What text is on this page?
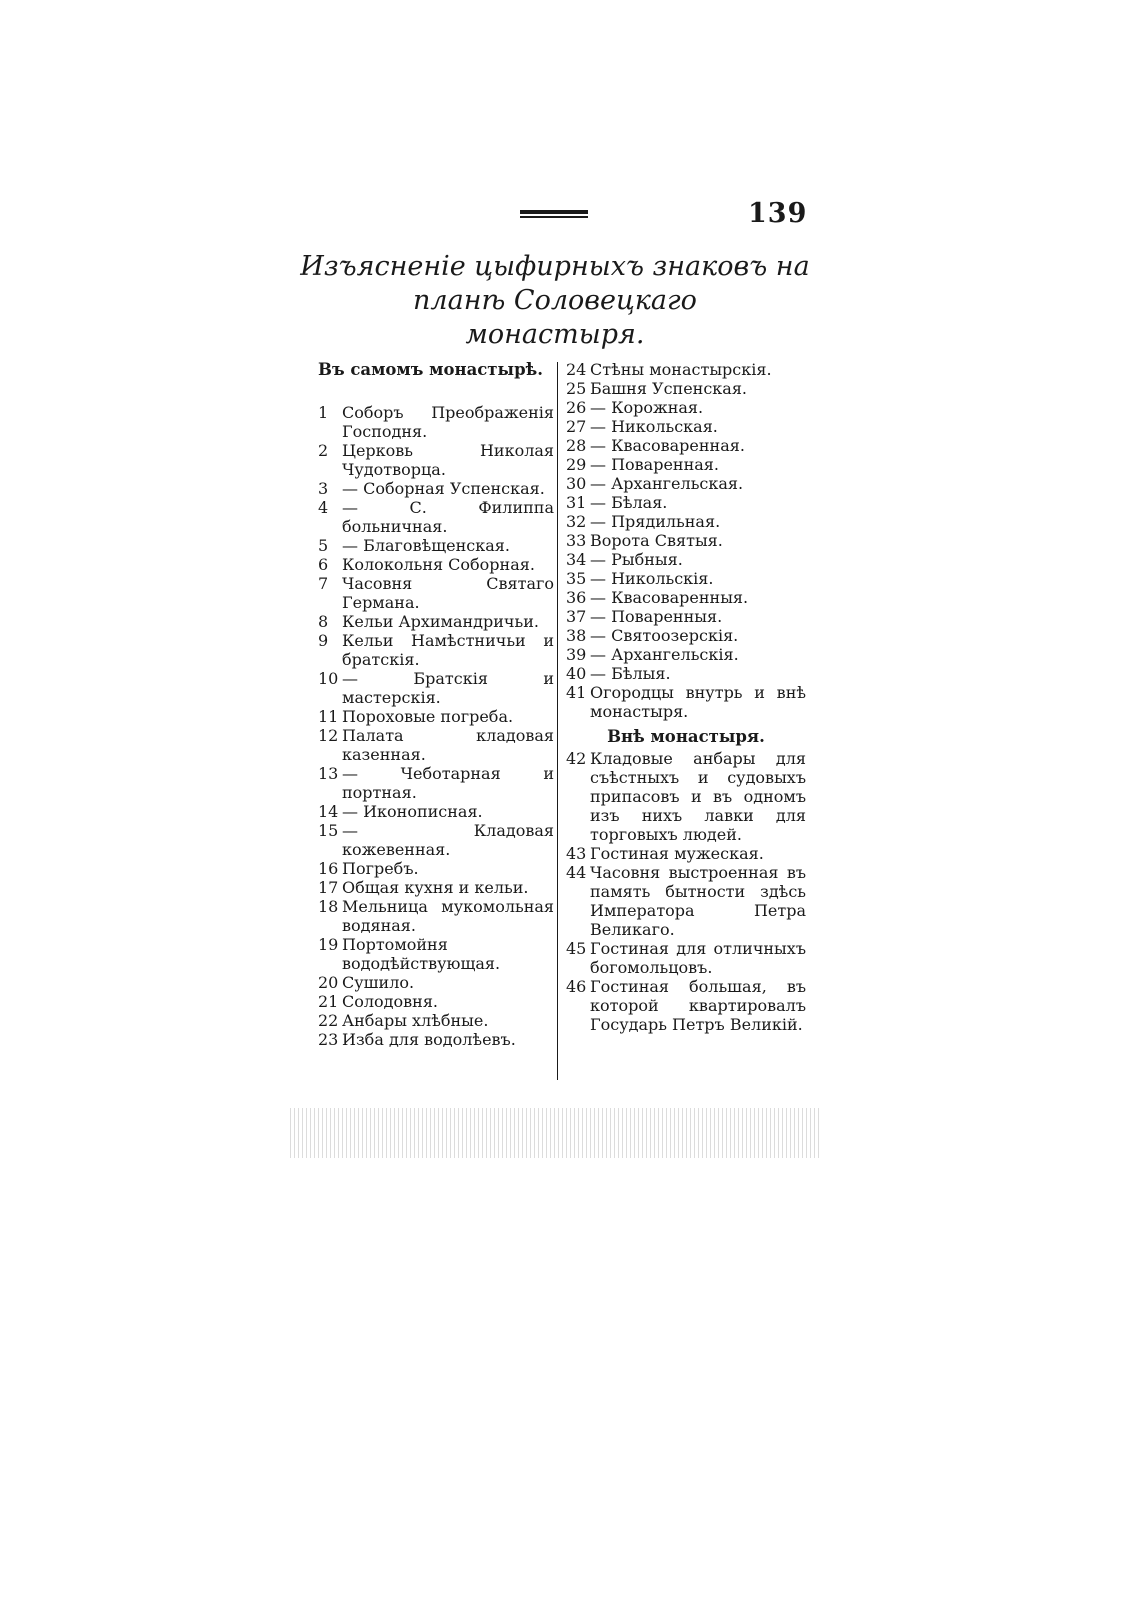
139
Изъясненіе цыфирныхъ знаковъ на
планѣ Соловецкаго
монастыря.
Въ самомъ монастырѣ.
1 Соборъ Преображенія Господня.
2 Церковь Николая Чудотворца.
3 — Соборная Успенская.
4 — С. Филиппа больничная.
5 — Благовѣщенская.
6 Колокольня Соборная.
7 Часовня Святаго Германа.
8 Кельи Архимандричьи.
9 Кельи Намѣстничьи и братскія.
10 — Братскія и мастерскія.
11 Пороховые погреба.
12 Палата кладовая казенная.
13 — Чеботарная и портная.
14 — Иконописная.
15 — Кладовая кожевенная.
16 Погребъ.
17 Общая кухня и кельи.
18 Мельница мукомольная водяная.
19 Портомойня вододѣйствующая.
20 Сушило.
21 Солодовня.
22 Анбары хлѣбные.
23 Изба для водолѣевъ.
24 Стѣны монастырскія.
25 Башня Успенская.
26 — Корожная.
27 — Никольская.
28 — Квасоваренная.
29 — Поваренная.
30 — Архангельская.
31 — Бѣлая.
32 — Прядильная.
33 Ворота Святыя.
34 — Рыбныя.
35 — Никольскія.
36 — Квасоваренныя.
37 — Поваренныя.
38 — Святоозерскія.
39 — Архангельскія.
40 — Бѣлыя.
41 Огородцы внутрь и внѣ монастыря.
Внѣ монастыря.
42 Кладовые анбары для съѣстныхъ и судовыхъ припасовъ и въ одномъ изъ нихъ лавки для торговыхъ людей.
43 Гостиная мужеская.
44 Часовня выстроенная въ память бытности здѣсь Императора Петра Великаго.
45 Гостиная для отличныхъ богомольцовъ.
46 Гостиная большая, въ которой квартировалъ Государь Петръ Великій.
